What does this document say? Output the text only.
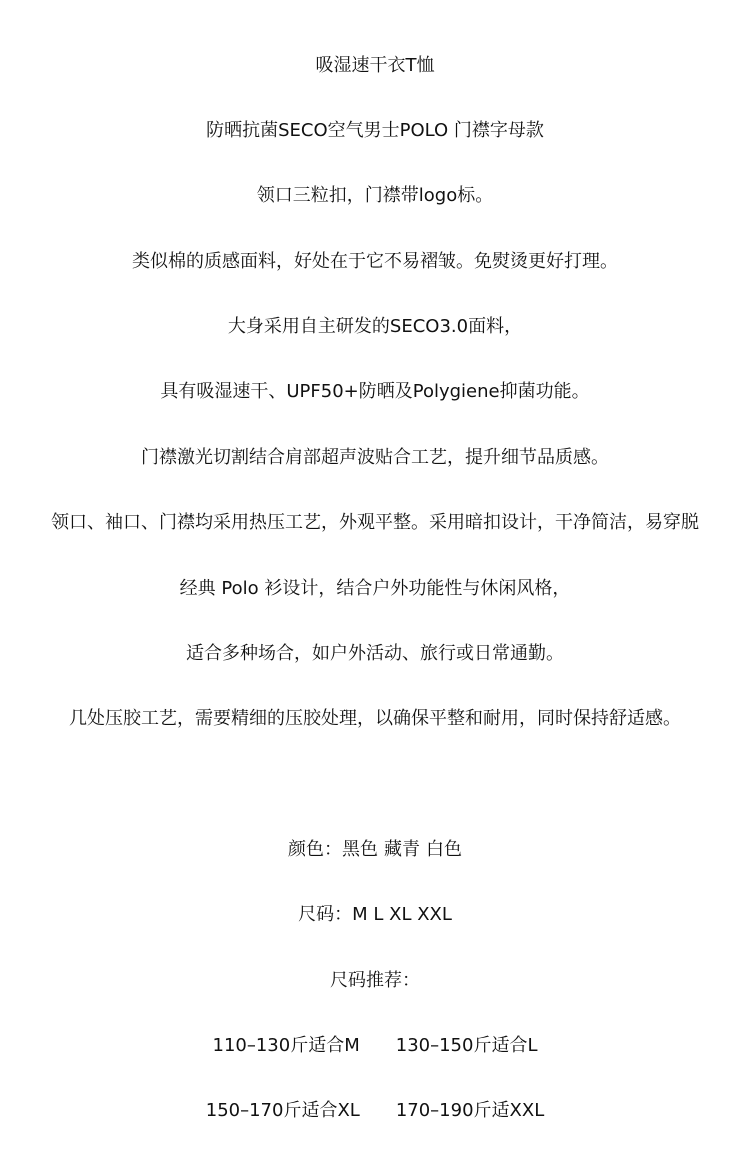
吸湿速干衣T恤
防晒抗菌SECO空气男士POLO 门襟字母款
领口三粒扣，门襟带logo标。
类似棉的质感面料，好处在于它不易褶皱。免熨烫更好打理。
大身采用自主研发的SECO3.0面料，
具有吸湿速干、UPF50+防晒及Polygiene抑菌功能。
门襟激光切割结合肩部超声波贴合工艺，提升细节品质感。
领口、袖口、门襟均采用热压工艺，外观平整。采用暗扣设计，干净简洁，易穿脱
经典 Polo 衫设计，结合户外功能性与休闲风格，
适合多种场合，如户外活动、旅行或日常通勤。
几处压胶工艺，需要精细的压胶处理，以确保平整和耐用，同时保持舒适感。
颜色：黑色 藏青 白色
尺码：M L XL XXL
尺码推荐：
110–130斤适合M 130–150斤适合L
150–170斤适合XL 170–190斤适XXL
